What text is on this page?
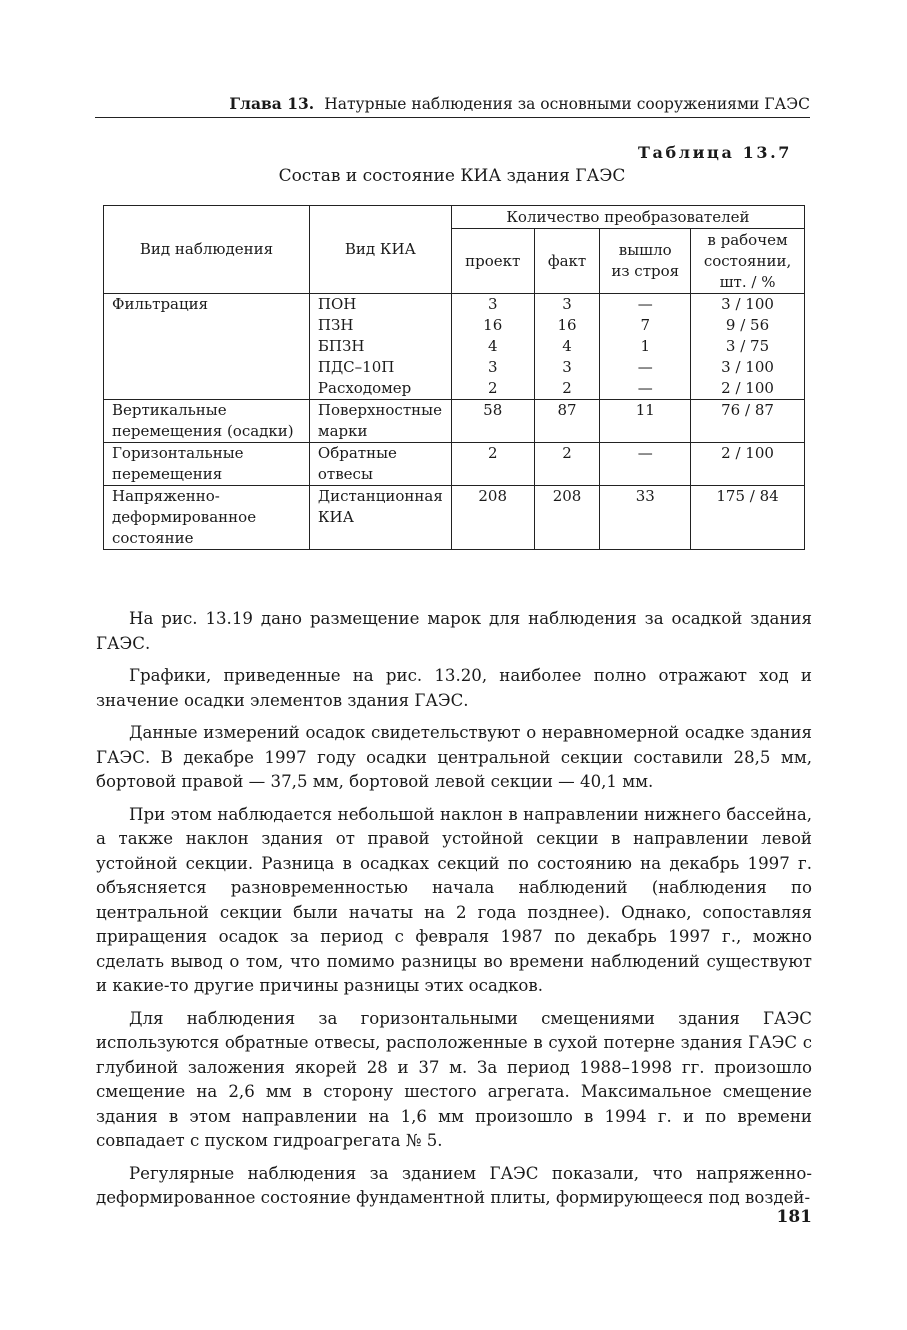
Глава 13. Натурные наблюдения за основными сооружениями ГАЭС
Таблица 13.7
Состав и состояние КИА здания ГАЭС
Вид наблюдения	Вид КИА	Количество преобразователей			
		проект	факт	вышло из строя	в рабочем состоянии, шт. / %
Фильтрация	ПОН	3	3	—	3 / 100
	ПЗН	16	16	7	9 / 56
	БПЗН	4	4	1	3 / 75
	ПДС–10П	3	3	—	3 / 100
	Расходомер	2	2	—	2 / 100
Вертикальные перемещения (осадки)	Поверхностные марки	58	87	11	76 / 87
Горизонтальные перемещения	Обратные отвесы	2	2	—	2 / 100
Напряженно-деформированное состояние	Дистанционная КИА	208	208	33	175 / 84

На рис. 13.19 дано размещение марок для наблюдения за осадкой здания ГАЭС.

Графики, приведенные на рис. 13.20, наиболее полно отражают ход и значение осадки элементов здания ГАЭС.

Данные измерений осадок свидетельствуют о неравномерной осадке здания ГАЭС. В декабре 1997 году осадки центральной секции составили 28,5 мм, бортовой правой — 37,5 мм, бортовой левой секции — 40,1 мм.

При этом наблюдается небольшой наклон в направлении нижнего бассейна, а также наклон здания от правой устойной секции в направлении левой устойной секции. Разница в осадках секций по состоянию на декабрь 1997 г. объясняется разновременностью начала наблюдений (наблюдения по центральной секции были начаты на 2 года позднее). Однако, сопоставляя приращения осадок за период с февраля 1987 по декабрь 1997 г., можно сделать вывод о том, что помимо разницы во времени наблюдений существуют и какие-то другие причины разницы этих осадков.

Для наблюдения за горизонтальными смещениями здания ГАЭС используются обратные отвесы, расположенные в сухой потерне здания ГАЭС с глубиной заложения якорей 28 и 37 м. За период 1988–1998 гг. произошло смещение на 2,6 мм в сторону шестого агрегата. Максимальное смещение здания в этом направлении на 1,6 мм произошло в 1994 г. и по времени совпадает с пуском гидроагрегата № 5.

Регулярные наблюдения за зданием ГАЭС показали, что напряженно-деформированное состояние фундаментной плиты, формирующееся под воздей-

181
